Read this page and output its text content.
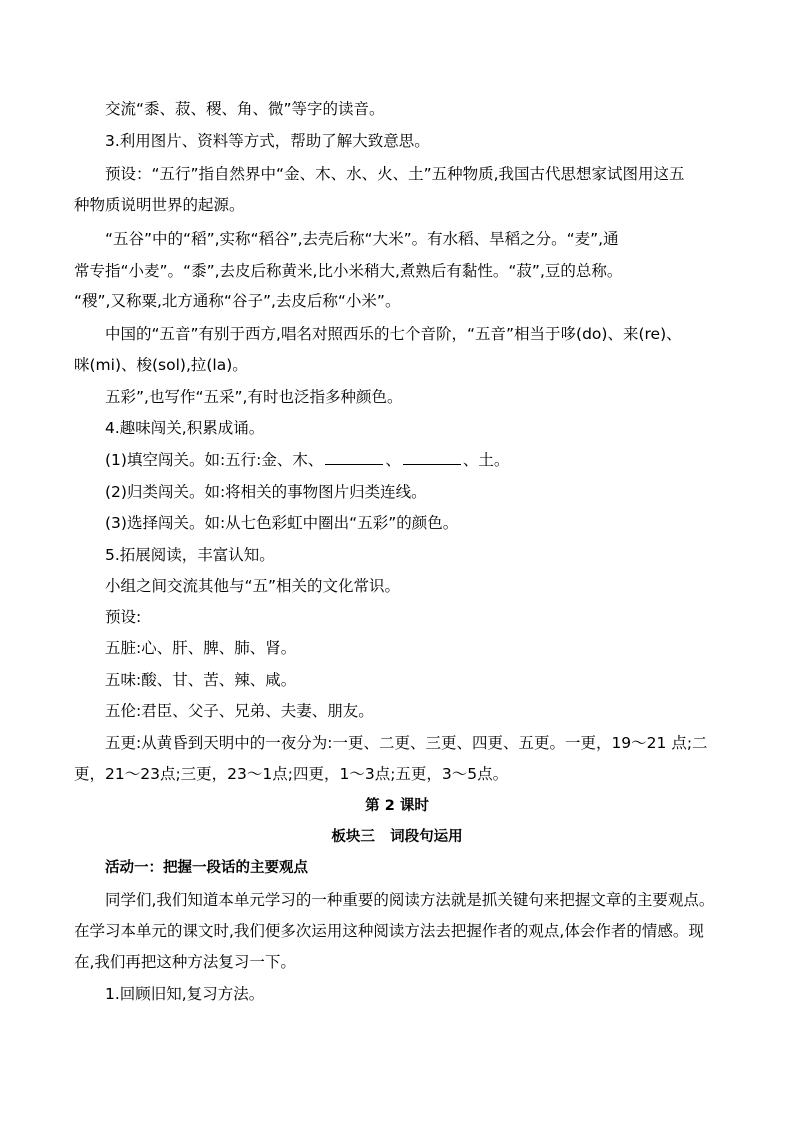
交流“黍、菽、稷、角、微”等字的读音。

3.利用图片、资料等方式，帮助了解大致意思。

预设：“五行”指自然界中“金、木、水、火、土”五种物质,我国古代思想家试图用这五

种物质说明世界的起源。

“五谷”中的“稻”,实称“稻谷”,去壳后称“大米”。有水稻、旱稻之分。“麦”,通

常专指“小麦”。“黍”,去皮后称黄米,比小米稍大,煮熟后有黏性。“菽”,豆的总称。

“稷”,又称粟,北方通称“谷子”,去皮后称“小米”。

中国的“五音”有别于西方,唱名对照西乐的七个音阶，“五音”相当于哆(do)、来(re)、

咪(mi)、梭(sol),拉(la)。

五彩”,也写作“五采”,有时也泛指多种颜色。

4.趣味闯关,积累成诵。

(1)填空闯关。如:五行:金、木、	、	、土。

(2)归类闯关。如:将相关的事物图片归类连线。

(3)选择闯关。如:从七色彩虹中圈出“五彩”的颜色。

5.拓展阅读，丰富认知。

小组之间交流其他与“五”相关的文化常识。

预设:

五脏:心、肝、脾、肺、肾。

五味:酸、甘、苦、辣、咸。

五伦:君臣、父子、兄弟、夫妻、朋友。

五更:从黄昏到天明中的一夜分为:一更、二更、三更、四更、五更。一更，19～21 点;二

更，21～23点;三更，23～1点;四更，1～3点;五更，3～5点。

第 2 课时

板块三   词段句运用

活动一：把握一段话的主要观点

同学们,我们知道本单元学习的一种重要的阅读方法就是抓关键句来把握文章的主要观点。

在学习本单元的课文时,我们便多次运用这种阅读方法去把握作者的观点,体会作者的情感。现

在,我们再把这种方法复习一下。

1.回顾旧知,复习方法。
